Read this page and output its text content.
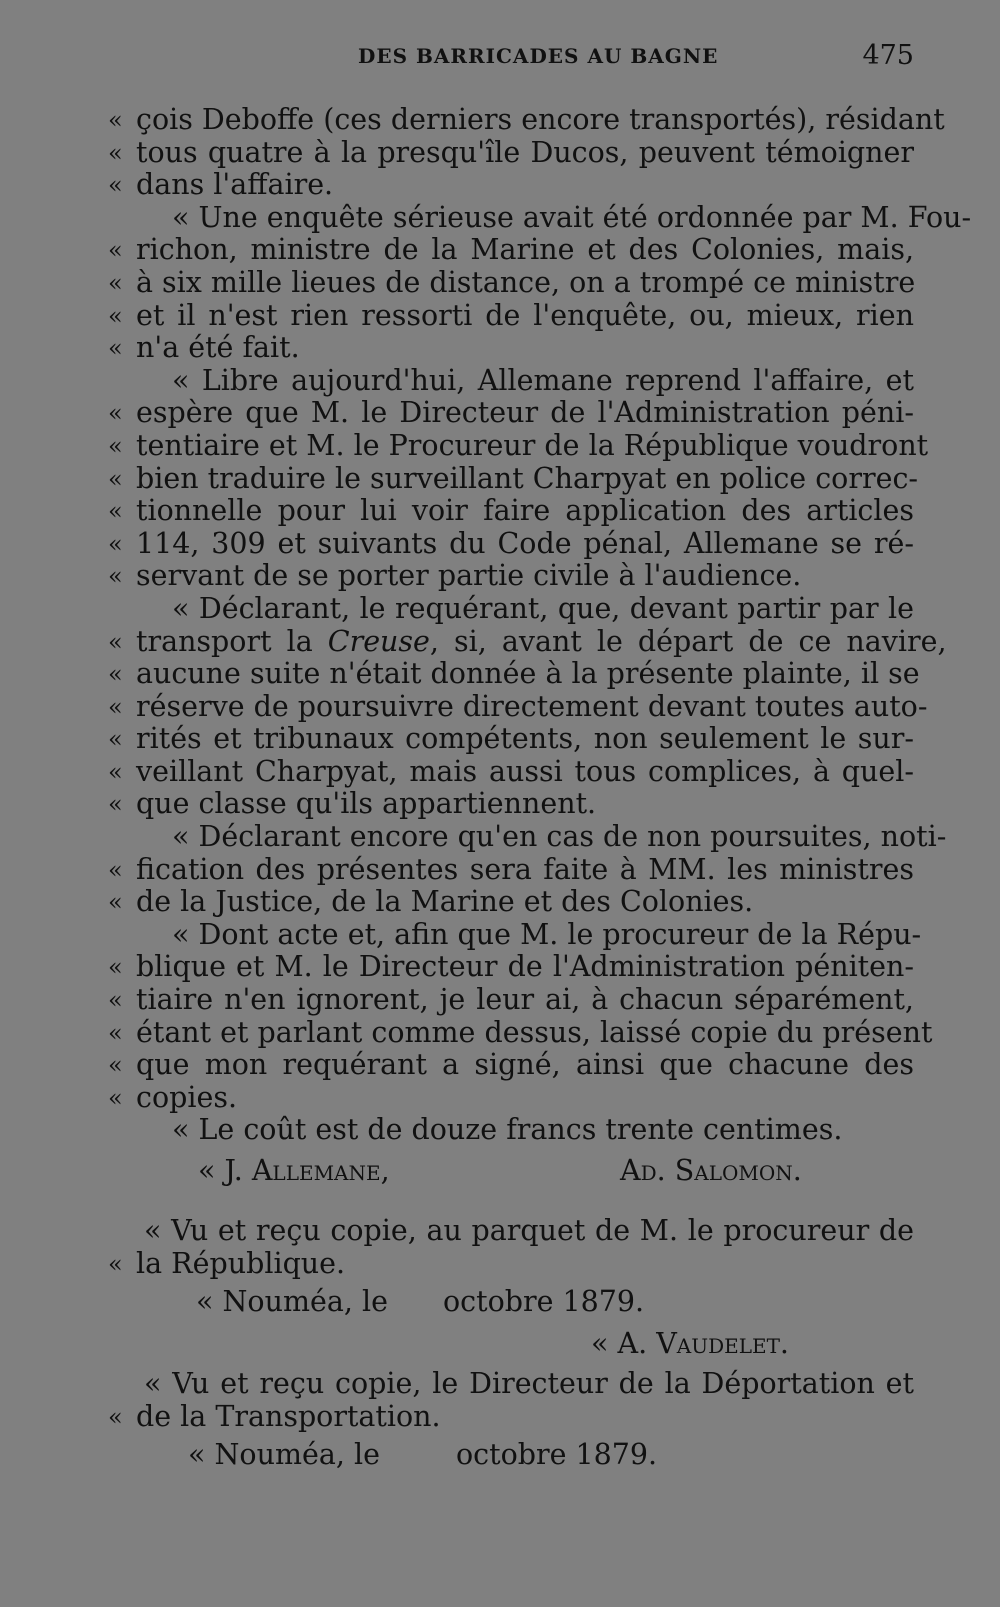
DES BARRICADES AU BAGNE	475
« çois Deboffe (ces derniers encore transportés), résidant
« tous quatre à la presqu'île Ducos, peuvent témoigner
« dans l'affaire.
« Une enquête sérieuse avait été ordonnée par M. Fou-
« richon, ministre de la Marine et des Colonies, mais,
« à six mille lieues de distance, on a trompé ce ministre
« et il n'est rien ressorti de l'enquête, ou, mieux, rien
« n'a été fait.
« Libre aujourd'hui, Allemane reprend l'affaire, et
« espère que M. le Directeur de l'Administration péni-
« tentiaire et M. le Procureur de la République voudront
« bien traduire le surveillant Charpyat en police correc-
« tionnelle pour lui voir faire application des articles
« 114, 309 et suivants du Code pénal, Allemane se ré-
« servant de se porter partie civile à l'audience.
« Déclarant, le requérant, que, devant partir par le
« transport la Creuse, si, avant le départ de ce navire,
« aucune suite n'était donnée à la présente plainte, il se
« réserve de poursuivre directement devant toutes auto-
« rités et tribunaux compétents, non seulement le sur-
« veillant Charpyat, mais aussi tous complices, à quel-
« que classe qu'ils appartiennent.
« Déclarant encore qu'en cas de non poursuites, noti-
« fication des présentes sera faite à MM. les ministres
« de la Justice, de la Marine et des Colonies.
« Dont acte et, afin que M. le procureur de la Répu-
« blique et M. le Directeur de l'Administration péniten-
« tiaire n'en ignorent, je leur ai, à chacun séparément,
« étant et parlant comme dessus, laissé copie du présent
« que mon requérant a signé, ainsi que chacune des
« copies.
« Le coût est de douze francs trente centimes.
« J. Allemane,	Ad. Salomon.
« Vu et reçu copie, au parquet de M. le procureur de
« la République.
« Nouméa, le octobre 1879.
« A. Vaudelet.
« Vu et reçu copie, le Directeur de la Déportation et
« de la Transportation.
« Nouméa, le	octobre 1879.
